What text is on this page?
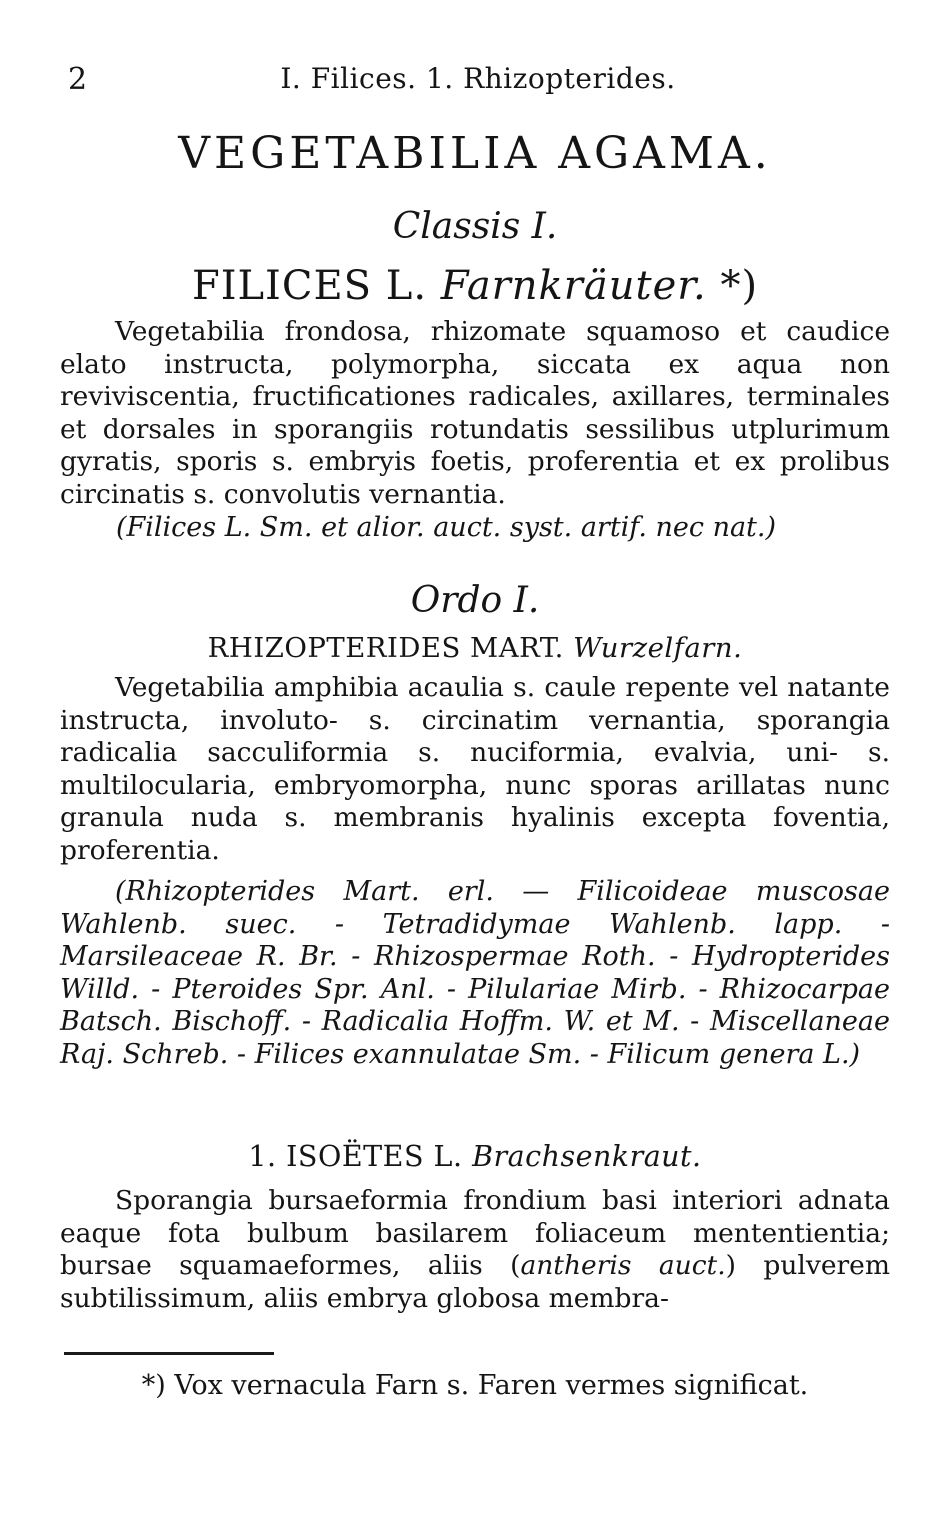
2	I. Filices. 1. Rhizopterides.
VEGETABILIA AGAMA.
Classis I.
FILICES L. Farnkräuter. *)

Vegetabilia frondosa, rhizomate squamoso et caudice elato instructa, polymorpha, siccata ex aqua non reviviscentia, fructificationes radicales, axillares, terminales et dorsales in sporangiis rotundatis sessilibus utplurimum gyratis, sporis s. embryis foetis, proferentia et ex prolibus circinatis s. convolutis vernantia.

(Filices L. Sm. et alior. auct. syst. artif. nec nat.)

Ordo I.
RHIZOPTERIDES MART. Wurzelfarn.

Vegetabilia amphibia acaulia s. caule repente vel natante instructa, involuto- s. circinatim vernantia, sporangia radicalia sacculiformia s. nuciformia, evalvia, uni- s. multilocularia, embryomorpha, nunc sporas arillatas nunc granula nuda s. membranis hyalinis excepta foventia, proferentia.

(Rhizopterides Mart. erl. — Filicoideae muscosae Wahlenb. suec. - Tetradidymae Wahlenb. lapp. - Marsileaceae R. Br. - Rhizospermae Roth. - Hydropterides Willd. - Pteroides Spr. Anl. - Pilulariae Mirb. - Rhizocarpae Batsch. Bischoff. - Radicalia Hoffm. W. et M. - Miscellaneae Raj. Schreb. - Filices exannulatae Sm. - Filicum genera L.)

1. ISOËTES L. Brachsenkraut.

Sporangia bursaeformia frondium basi interiori adnata eaque fota bulbum basilarem foliaceum mententientia; bursae squamaeformes, aliis (antheris auct.) pulverem subtilissimum, aliis embrya globosa membra-

*) Vox vernacula Farn s. Faren vermes significat.
